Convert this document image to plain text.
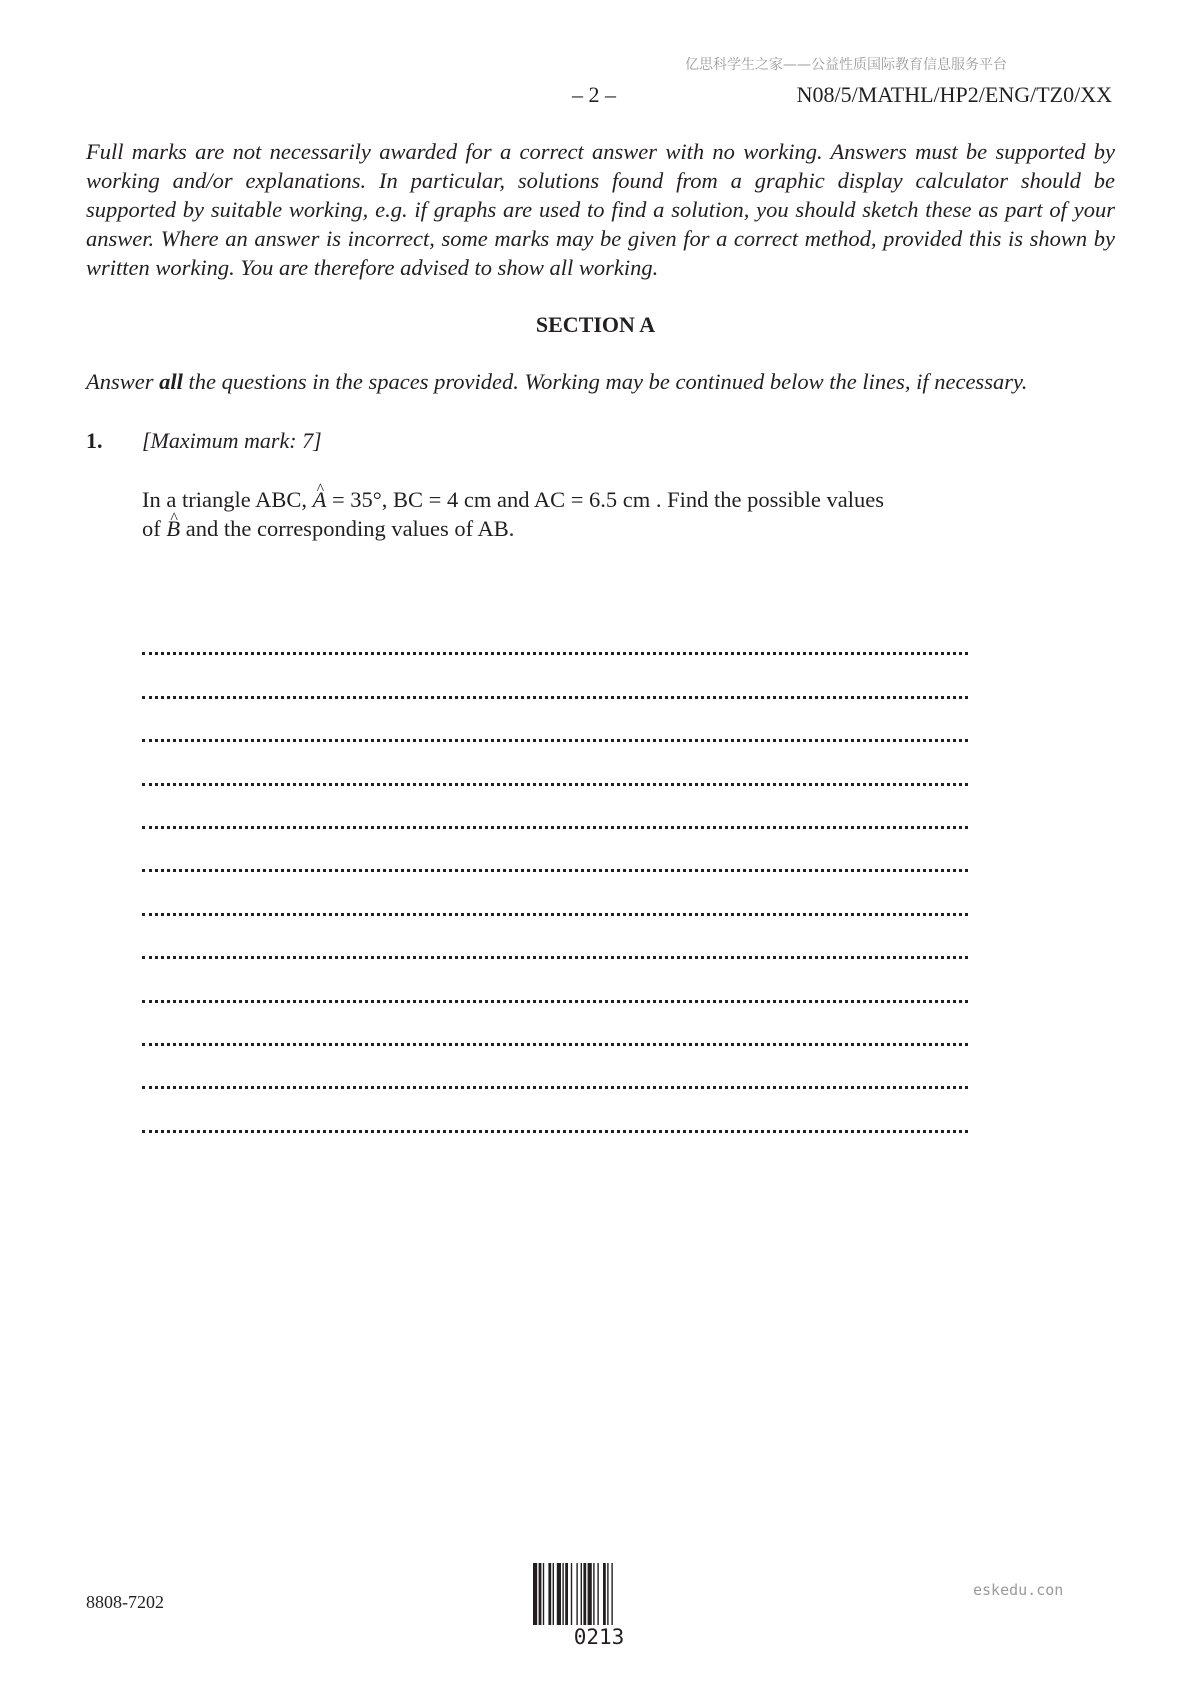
亿思科学生之家——公益性质国际教育信息服务平台
– 2 –	N08/5/MATHL/HP2/ENG/TZ0/XX
Full marks are not necessarily awarded for a correct answer with no working. Answers must be supported by working and/or explanations. In particular, solutions found from a graphic display calculator should be supported by suitable working, e.g. if graphs are used to find a solution, you should sketch these as part of your answer. Where an answer is incorrect, some marks may be given for a correct method, provided this is shown by written working. You are therefore advised to show all working.
SECTION A
Answer all the questions in the spaces provided. Working may be continued below the lines, if necessary.
1. [Maximum mark: 7]
In a triangle ABC, ^ A = 35°, BC = 4 cm and AC = 6.5 cm . Find the possible values
of ^ B and the corresponding values of AB.
8808-7202
0213
eskedu.con
